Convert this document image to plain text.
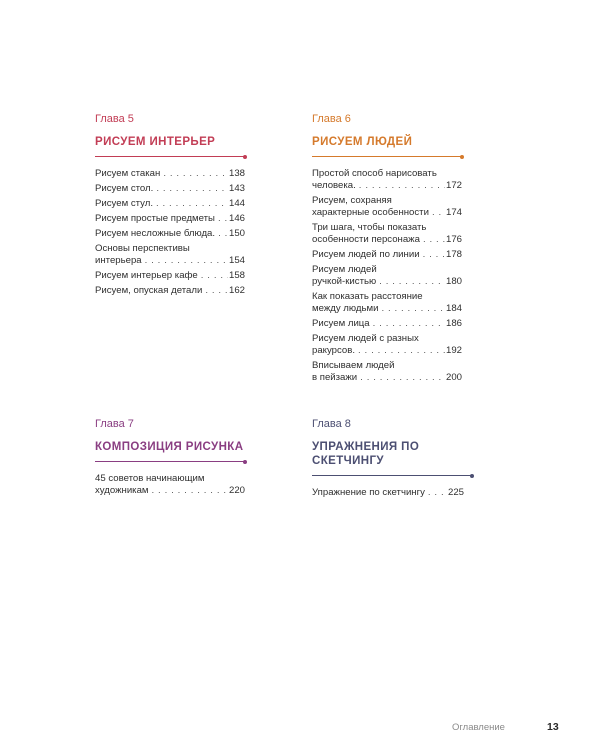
Глава 5

РИСУЕМ ИНТЕРЬЕР

Рисуем стакан . . .	138
Рисуем стол. . . .	143
Рисуем стул. . . .	144
Рисуем простые предметы . . . 146
Рисуем несложные блюда. . . . 150
Основы перспективы
интерьера . . .	154
Рисуем интерьер кафе . . .	158
Рисуем, опуская детали . . .	162

Глава 6

РИСУЕМ ЛЮДЕЙ

Простой способ нарисовать
человека. . . .	172
Рисуем, сохраняя
характерные особенности . . . 174
Три шага, чтобы показать
особенности персонажа . . .	176
Рисуем людей по линии . . .	178
Рисуем людей
ручкой-кистью . . .	180
Как показать расстояние
между людьми . . .	184
Рисуем лица . . .	186
Рисуем людей с разных
ракурсов. . . .	192
Вписываем людей
в пейзажи . . .	200

Глава 7

КОМПОЗИЦИЯ РИСУНКА

45 советов начинающим
художникам . . .	220

Глава 8

УПРАЖНЕНИЯ ПО СКЕТЧИНГУ

Упражнение по скетчингу . . . 225
Оглавление	13
